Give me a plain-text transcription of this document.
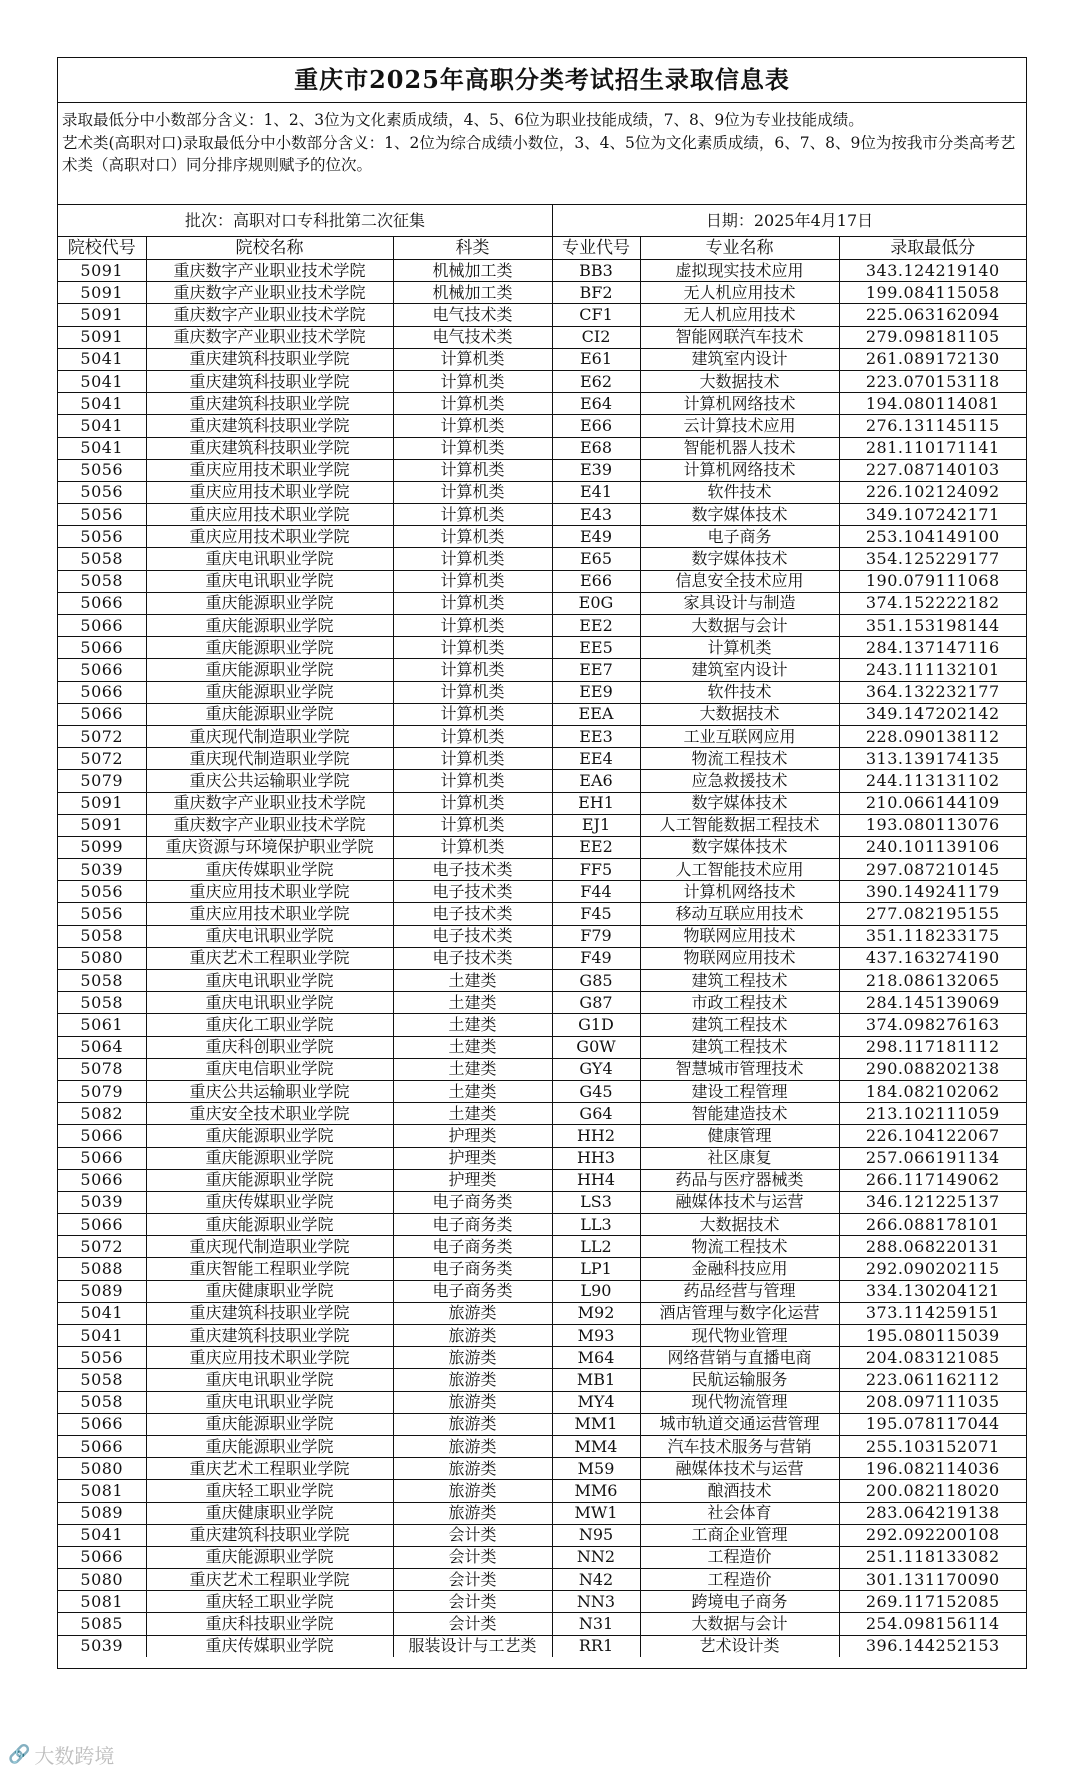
重庆市2025年高职分类考试招生录取信息表
录取最低分中小数部分含义：1、2、3位为文化素质成绩，4、5、6位为职业技能成绩，7、8、9位为专业技能成绩。
艺术类(高职对口)录取最低分中小数部分含义：1、2位为综合成绩小数位，3、4、5位为文化素质成绩，6、7、8、9位为按我市分类高考艺术类（高职对口）同分排序规则赋予的位次。
批次：高职对口专科批第二次征集	日期：2025年4月17日
院校代号	院校名称	科类	专业代号	专业名称	录取最低分
5091	重庆数字产业职业技术学院	机械加工类	BB3	虚拟现实技术应用	343.124219140
5091	重庆数字产业职业技术学院	机械加工类	BF2	无人机应用技术	199.084115058
5091	重庆数字产业职业技术学院	电气技术类	CF1	无人机应用技术	225.063162094
5091	重庆数字产业职业技术学院	电气技术类	CI2	智能网联汽车技术	279.098181105
5041	重庆建筑科技职业学院	计算机类	E61	建筑室内设计	261.089172130
5041	重庆建筑科技职业学院	计算机类	E62	大数据技术	223.070153118
5041	重庆建筑科技职业学院	计算机类	E64	计算机网络技术	194.080114081
5041	重庆建筑科技职业学院	计算机类	E66	云计算技术应用	276.131145115
5041	重庆建筑科技职业学院	计算机类	E68	智能机器人技术	281.110171141
5056	重庆应用技术职业学院	计算机类	E39	计算机网络技术	227.087140103
5056	重庆应用技术职业学院	计算机类	E41	软件技术	226.102124092
5056	重庆应用技术职业学院	计算机类	E43	数字媒体技术	349.107242171
5056	重庆应用技术职业学院	计算机类	E49	电子商务	253.104149100
5058	重庆电讯职业学院	计算机类	E65	数字媒体技术	354.125229177
5058	重庆电讯职业学院	计算机类	E66	信息安全技术应用	190.079111068
5066	重庆能源职业学院	计算机类	E0G	家具设计与制造	374.152222182
5066	重庆能源职业学院	计算机类	EE2	大数据与会计	351.153198144
5066	重庆能源职业学院	计算机类	EE5	计算机类	284.137147116
5066	重庆能源职业学院	计算机类	EE7	建筑室内设计	243.111132101
5066	重庆能源职业学院	计算机类	EE9	软件技术	364.132232177
5066	重庆能源职业学院	计算机类	EEA	大数据技术	349.147202142
5072	重庆现代制造职业学院	计算机类	EE3	工业互联网应用	228.090138112
5072	重庆现代制造职业学院	计算机类	EE4	物流工程技术	313.139174135
5079	重庆公共运输职业学院	计算机类	EA6	应急救援技术	244.113131102
5091	重庆数字产业职业技术学院	计算机类	EH1	数字媒体技术	210.066144109
5091	重庆数字产业职业技术学院	计算机类	EJ1	人工智能数据工程技术	193.080113076
5099	重庆资源与环境保护职业学院	计算机类	EE2	数字媒体技术	240.101139106
5039	重庆传媒职业学院	电子技术类	FF5	人工智能技术应用	297.087210145
5056	重庆应用技术职业学院	电子技术类	F44	计算机网络技术	390.149241179
5056	重庆应用技术职业学院	电子技术类	F45	移动互联应用技术	277.082195155
5058	重庆电讯职业学院	电子技术类	F79	物联网应用技术	351.118233175
5080	重庆艺术工程职业学院	电子技术类	F49	物联网应用技术	437.163274190
5058	重庆电讯职业学院	土建类	G85	建筑工程技术	218.086132065
5058	重庆电讯职业学院	土建类	G87	市政工程技术	284.145139069
5061	重庆化工职业学院	土建类	G1D	建筑工程技术	374.098276163
5064	重庆科创职业学院	土建类	G0W	建筑工程技术	298.117181112
5078	重庆电信职业学院	土建类	GY4	智慧城市管理技术	290.088202138
5079	重庆公共运输职业学院	土建类	G45	建设工程管理	184.082102062
5082	重庆安全技术职业学院	土建类	G64	智能建造技术	213.102111059
5066	重庆能源职业学院	护理类	HH2	健康管理	226.104122067
5066	重庆能源职业学院	护理类	HH3	社区康复	257.066191134
5066	重庆能源职业学院	护理类	HH4	药品与医疗器械类	266.117149062
5039	重庆传媒职业学院	电子商务类	LS3	融媒体技术与运营	346.121225137
5066	重庆能源职业学院	电子商务类	LL3	大数据技术	266.088178101
5072	重庆现代制造职业学院	电子商务类	LL2	物流工程技术	288.068220131
5088	重庆智能工程职业学院	电子商务类	LP1	金融科技应用	292.090202115
5089	重庆健康职业学院	电子商务类	L90	药品经营与管理	334.130204121
5041	重庆建筑科技职业学院	旅游类	M92	酒店管理与数字化运营	373.114259151
5041	重庆建筑科技职业学院	旅游类	M93	现代物业管理	195.080115039
5056	重庆应用技术职业学院	旅游类	M64	网络营销与直播电商	204.083121085
5058	重庆电讯职业学院	旅游类	MB1	民航运输服务	223.061162112
5058	重庆电讯职业学院	旅游类	MY4	现代物流管理	208.097111035
5066	重庆能源职业学院	旅游类	MM1	城市轨道交通运营管理	195.078117044
5066	重庆能源职业学院	旅游类	MM4	汽车技术服务与营销	255.103152071
5080	重庆艺术工程职业学院	旅游类	M59	融媒体技术与运营	196.082114036
5081	重庆轻工职业学院	旅游类	MM6	酿酒技术	200.082118020
5089	重庆健康职业学院	旅游类	MW1	社会体育	283.064219138
5041	重庆建筑科技职业学院	会计类	N95	工商企业管理	292.092200108
5066	重庆能源职业学院	会计类	NN2	工程造价	251.118133082
5080	重庆艺术工程职业学院	会计类	N42	工程造价	301.131170090
5081	重庆轻工职业学院	会计类	NN3	跨境电子商务	269.117152085
5085	重庆科技职业学院	会计类	N31	大数据与会计	254.098156114
5039	重庆传媒职业学院	服装设计与工艺类	RR1	艺术设计类	396.144252153
🔗 大数跨境
